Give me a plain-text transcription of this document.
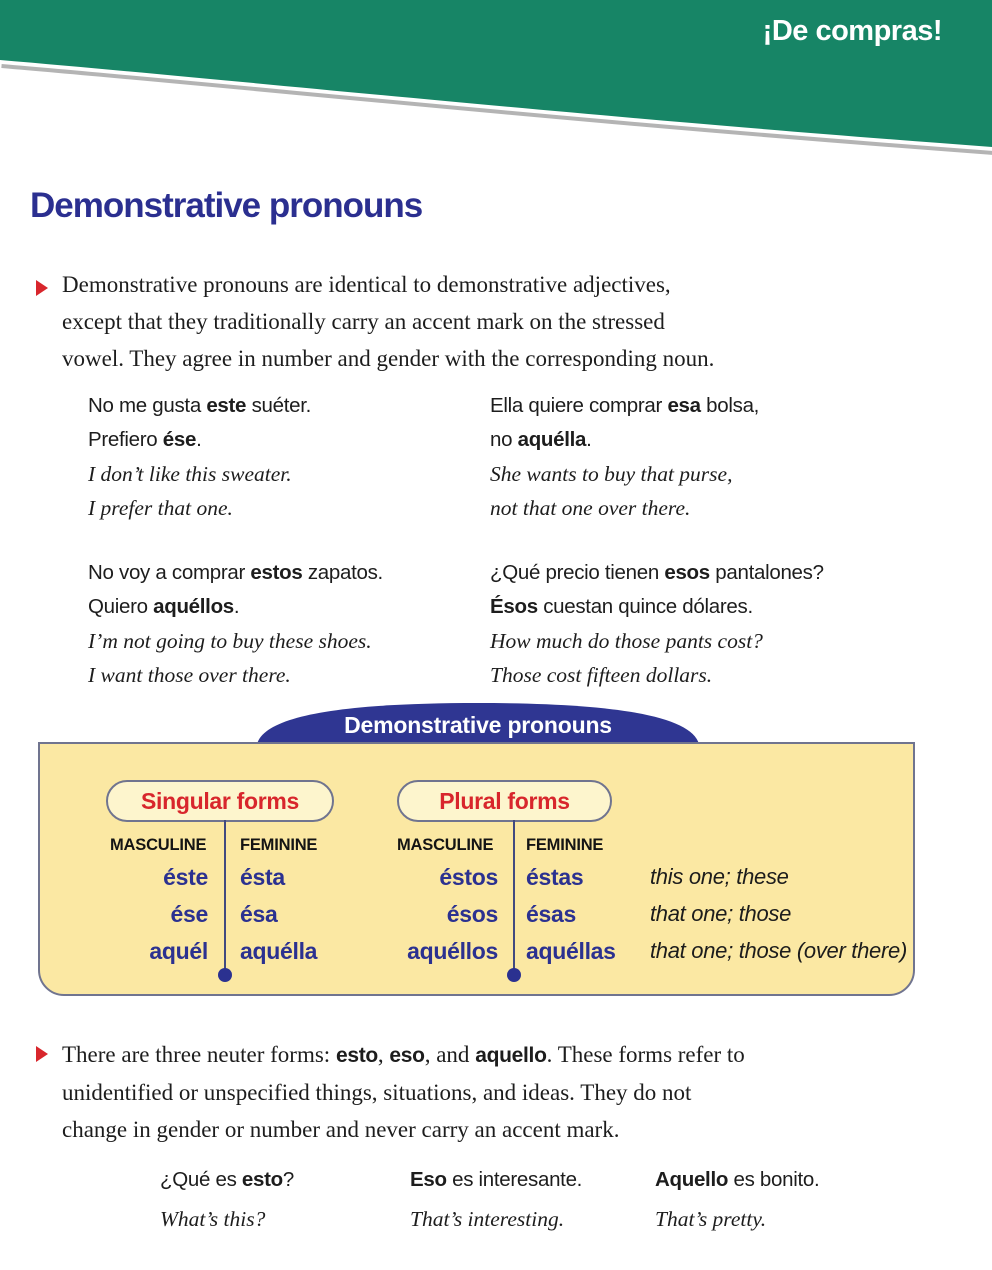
¡De compras!
Demonstrative pronouns
Demonstrative pronouns are identical to demonstrative adjectives,
except that they traditionally carry an accent mark on the stressed
vowel. They agree in number and gender with the corresponding noun.
No me gusta este suéter.
Prefiero ése.
I don’t like this sweater.
I prefer that one.
Ella quiere comprar esa bolsa,
no aquélla.
She wants to buy that purse,
not that one over there.
No voy a comprar estos zapatos.
Quiero aquéllos.
I’m not going to buy these shoes.
I want those over there.
¿Qué precio tienen esos pantalones?
Ésos cuestan quince dólares.
How much do those pants cost?
Those cost fifteen dollars.
Demonstrative pronouns
Singular forms	Plural forms
MASCULINE FEMININE	MASCULINE FEMININE
éste ésta	éstos éstas	this one; these
ése ésa	ésos ésas	that one; those
aquél aquélla	aquéllos aquéllas that one; those (over there)
There are three neuter forms: esto, eso, and aquello. These forms refer to
unidentified or unspecified things, situations, and ideas. They do not
change in gender or number and never carry an accent mark.
¿Qué es esto?
What’s this?
Eso es interesante.
That’s interesting.
Aquello es bonito.
That’s pretty.
